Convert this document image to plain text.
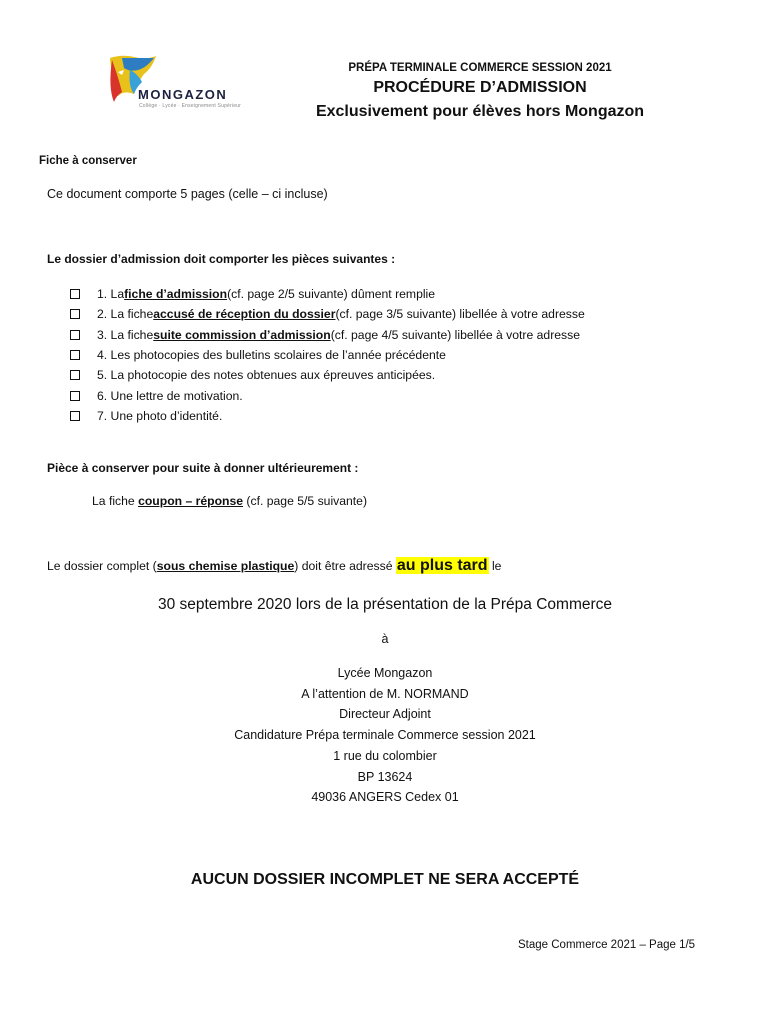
MONGAZON
Collège · Lycée · Enseignement Supérieur
PRÉPA TERMINALE COMMERCE SESSION 2021
PROCÉDURE D’ADMISSION
Exclusivement pour élèves hors Mongazon
Fiche à conserver
Ce document comporte 5 pages (celle – ci incluse)
Le dossier d’admission doit comporter les pièces suivantes :
1. La fiche d’admission (cf. page 2/5 suivante) dûment remplie
2. La fiche accusé de réception du dossier (cf. page 3/5 suivante) libellée à votre adresse
3. La fiche suite commission d’admission (cf. page 4/5 suivante) libellée à votre adresse
4. Les photocopies des bulletins scolaires de l’année précédente
5. La photocopie des notes obtenues aux épreuves anticipées.
6. Une lettre de motivation.
7. Une photo d’identité.
Pièce à conserver pour suite à donner ultérieurement :
La fiche coupon – réponse (cf. page 5/5 suivante)
Le dossier complet (sous chemise plastique) doit être adressé au plus tard le
30 septembre 2020 lors de la présentation de la Prépa Commerce
à
Lycée Mongazon
A l’attention de M. NORMAND
Directeur Adjoint
Candidature Prépa terminale Commerce session 2021
1 rue du colombier
BP 13624
49036 ANGERS Cedex 01
AUCUN DOSSIER INCOMPLET NE SERA ACCEPTÉ
Stage Commerce 2021 – Page 1/5
